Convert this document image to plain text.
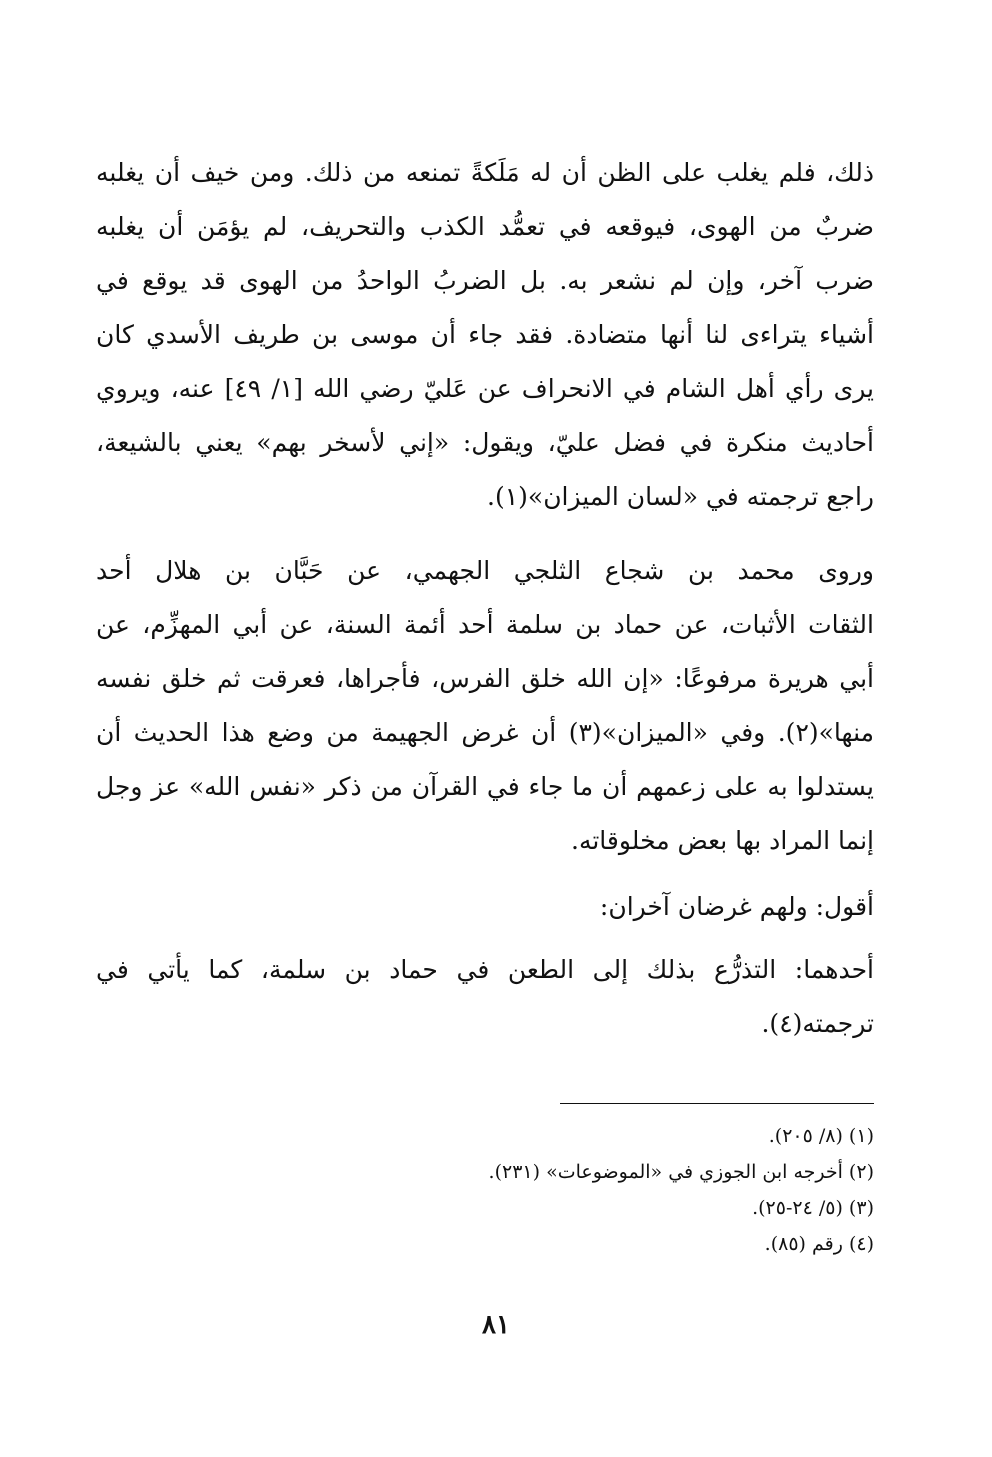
ذلك، فلم يغلب على الظن أن له مَلَكةً تمنعه من ذلك. ومن خيف أن يغلبه
ضربٌ من الهوى، فيوقعه في تعمُّد الكذب والتحريف، لم يؤمَن أن يغلبه
ضرب آخر، وإن لم نشعر به. بل الضربُ الواحدُ من الهوى قد يوقع في
أشياء يتراءى لنا أنها متضادة. فقد جاء أن موسى بن طريف الأسدي كان
يرى رأي أهل الشام في الانحراف عن عَليّ رضي الله [١/ ٤٩] عنه، ويروي
أحاديث منكرة في فضل عليّ، ويقول: «إني لأسخر بهم» يعني بالشيعة،
راجع ترجمته في «لسان الميزان»(١).
وروى محمد بن شجاع الثلجي الجهمي، عن حَبَّان بن هلال أحد
الثقات الأثبات، عن حماد بن سلمة أحد أئمة السنة، عن أبي المهزِّم، عن
أبي هريرة مرفوعًا: «إن الله خلق الفرس، فأجراها، فعرقت ثم خلق نفسه
منها»(٢). وفي «الميزان»(٣) أن غرض الجهيمة من وضع هذا الحديث أن
يستدلوا به على زعمهم أن ما جاء في القرآن من ذكر «نفس الله» عز وجل
إنما المراد بها بعض مخلوقاته.
أقول: ولهم غرضان آخران:
أحدهما: التذرُّع بذلك إلى الطعن في حماد بن سلمة، كما يأتي في
ترجمته(٤).
(١) (٨/ ٢٠٥).
(٢) أخرجه ابن الجوزي في «الموضوعات» (٢٣١).
(٣) (٥/ ٢٤-٢٥).
(٤) رقم (٨٥).
٨١
